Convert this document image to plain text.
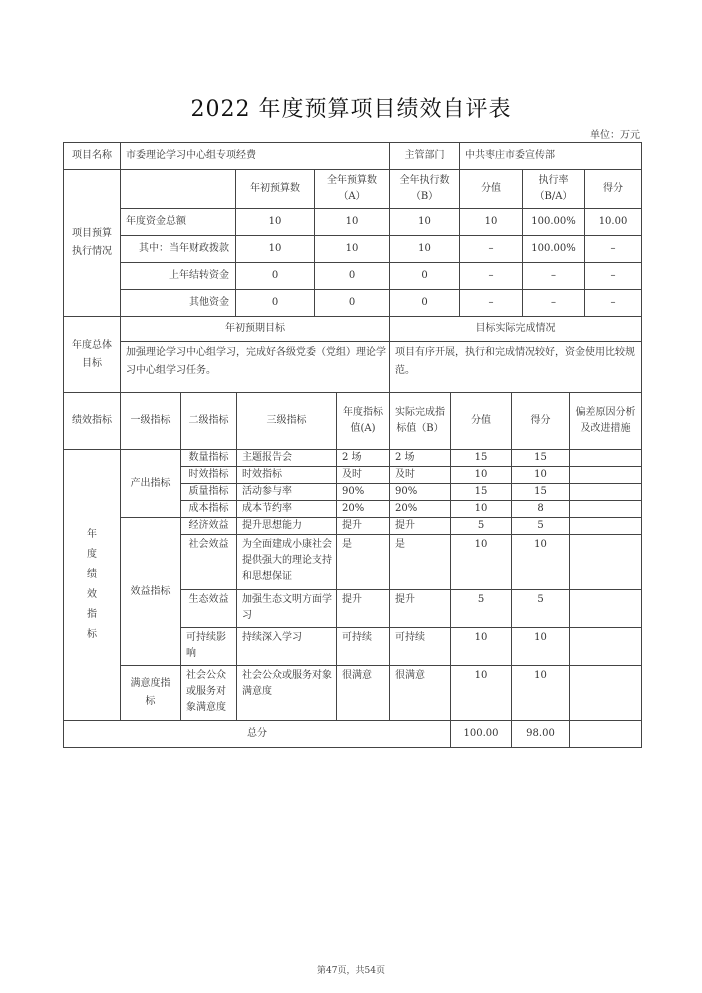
2022 年度预算项目绩效自评表
单位：万元
项目名称	市委理论学习中心组专项经费	主管部门	中共枣庄市委宣传部
项目预算执行情况		年初预算数	
全年预算数
（A）

全年执行数
（B）
	分值	
执行率
（B/A）
	得分
年度资金总额	10	10	10	10	100.00%	10.00
其中：当年财政拨款	10	10	10	–	100.00%	–
上年结转资金	0	0	0	–	–	–
其他资金	0	0	0	–	–	–
年度总体目标	年初预期目标	目标实际完成情况
加强理论学习中心组学习，完成好各级党委（党组）理论学习中心组学习任务。	项目有序开展，执行和完成情况较好，资金使用比较规范。
绩效指标	一级指标	二级指标	三级指标	年度指标值(A)	实际完成指标值（B）	分值	得分	偏差原因分析及改进措施
年度绩效指标	产出指标	数量指标	主题报告会	2 场	2 场	15	15	
时效指标	时效指标	及时	及时	10	10	
质量指标	活动参与率	90%	90%	15	15	
成本指标	成本节约率	20%	20%	10	8	
效益指标	经济效益	提升思想能力	提升	提升	5	5	
社会效益	为全面建成小康社会提供强大的理论支持和思想保证	是	是	10	10	
生态效益	加强生态文明方面学习	提升	提升	5	5	
可持续影响	持续深入学习	可持续	可持续	10	10	
满意度指标	社会公众或服务对象满意度	社会公众或服务对象满意度	很满意	很满意	10	10	
总分	100.00	98.00	
第47页，共54页
